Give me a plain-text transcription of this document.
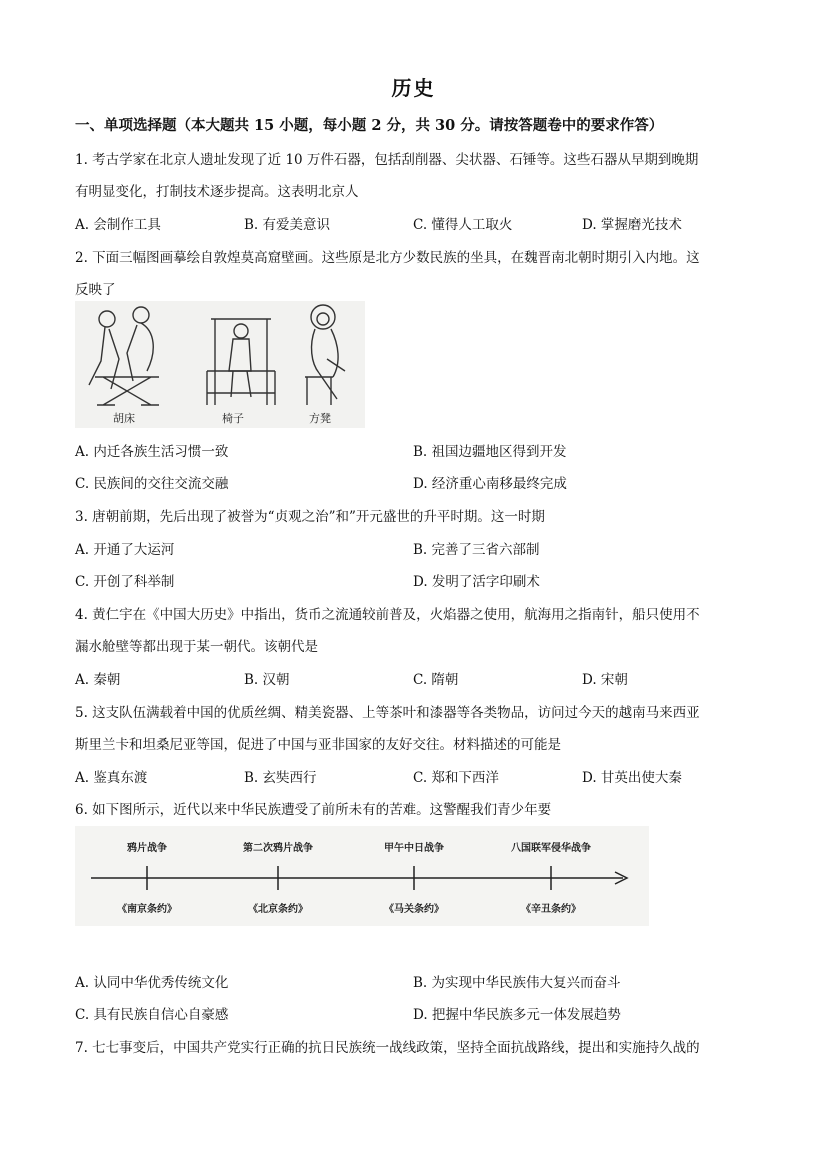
历史
一、单项选择题（本大题共 15 小题，每小题 2 分，共 30 分。请按答题卷中的要求作答）
1. 考古学家在北京人遗址发现了近 10 万件石器，包括刮削器、尖状器、石锤等。这些石器从早期到晚期
有明显变化，打制技术逐步提高。这表明北京人
A. 会制作工具	B. 有爱美意识	C. 懂得人工取火	D. 掌握磨光技术
2. 下面三幅图画摹绘自敦煌莫高窟壁画。这些原是北方少数民族的坐具，在魏晋南北朝时期引入内地。这
反映了
胡床	椅子	方凳
A. 内迁各族生活习惯一致	B. 祖国边疆地区得到开发
C. 民族间的交往交流交融	D. 经济重心南移最终完成
3. 唐朝前期，先后出现了被誉为“贞观之治”和”开元盛世的升平时期。这一时期
A. 开通了大运河	B. 完善了三省六部制
C. 开创了科举制	D. 发明了活字印刷术
4. 黄仁宇在《中国大历史》中指出，货币之流通较前普及，火焰器之使用，航海用之指南针，船只使用不
漏水舱壁等都出现于某一朝代。该朝代是
A. 秦朝	B. 汉朝	C. 隋朝	D. 宋朝
5. 这支队伍满载着中国的优质丝绸、精美瓷器、上等茶叶和漆器等各类物品，访问过今天的越南马来西亚
斯里兰卡和坦桑尼亚等国，促进了中国与亚非国家的友好交往。材料描述的可能是
A. 鉴真东渡	B. 玄奘西行	C. 郑和下西洋	D. 甘英出使大秦
6. 如下图所示，近代以来中华民族遭受了前所未有的苦难。这警醒我们青少年要
鸦片战争	第二次鸦片战争	甲午中日战争	八国联军侵华战争
《南京条约》	《北京条约》	《马关条约》	《辛丑条约》
A. 认同中华优秀传统文化	B. 为实现中华民族伟大复兴而奋斗
C. 具有民族自信心自豪感	D. 把握中华民族多元一体发展趋势
7. 七七事变后，中国共产党实行正确的抗日民族统一战线政策，坚持全面抗战路线，提出和实施持久战的
